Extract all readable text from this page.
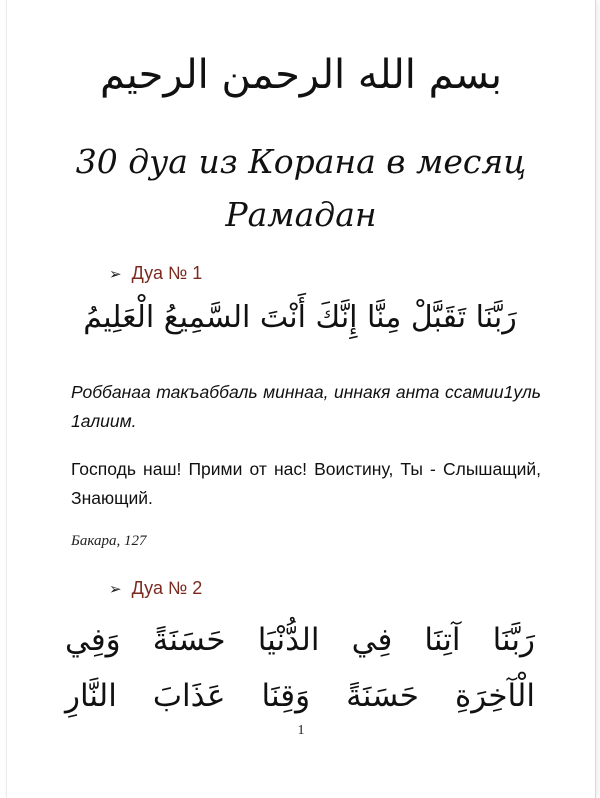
بسم الله الرحمن الرحيم
30 дуа из Корана в месяц
Рамадан
➢ Дуа № 1
رَبَّنَا تَقَبَّلْ مِنَّا إِنَّكَ أَنْتَ السَّمِيعُ الْعَلِيمُ
Роббанаа такъаббаль миннаа, иннакя анта ссамии1уль 1алиим.
Господь наш! Прими от нас! Воистину, Ты - Слышащий, Знающий.
Бакара, 127
➢ Дуа № 2
رَبَّنَا آتِنَا فِي الدُّنْيَا حَسَنَةً وَفِي
الْآخِرَةِ حَسَنَةً وَقِنَا عَذَابَ النَّارِ
1
